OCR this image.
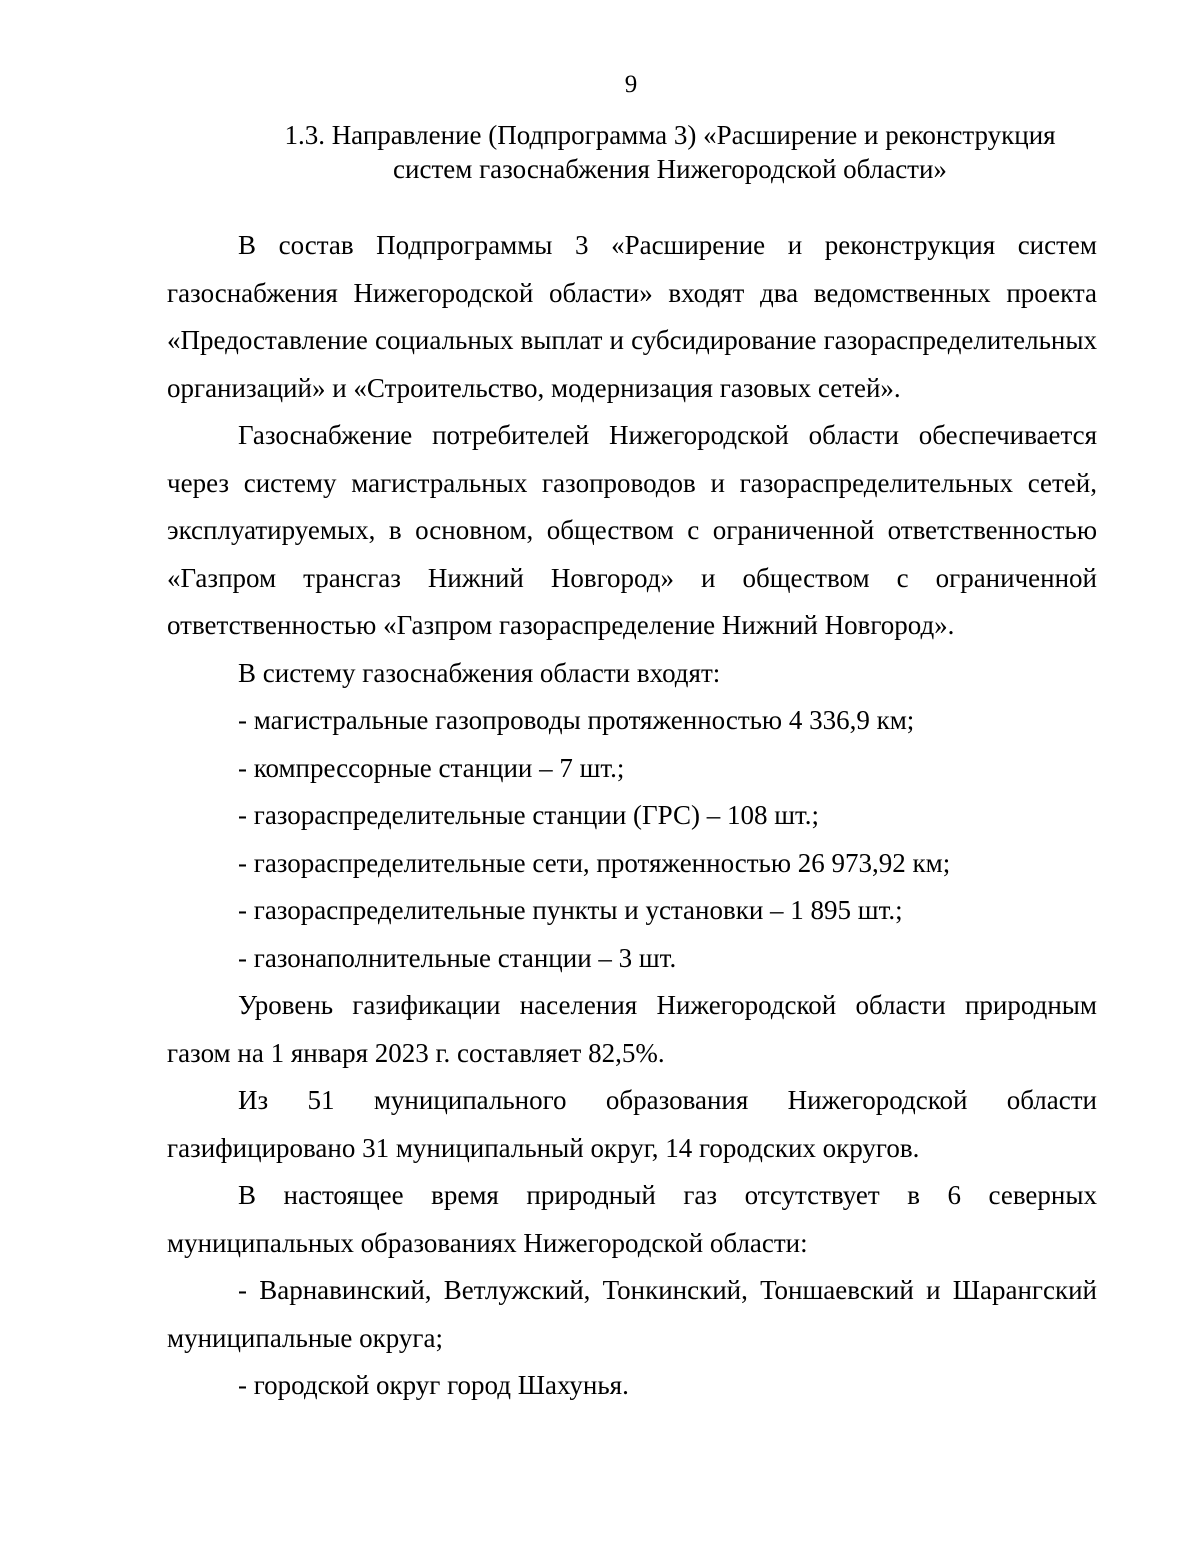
9
1.3. Направление (Подпрограмма 3) «Расширение и реконструкция
систем газоснабжения Нижегородской области»

В состав Подпрограммы 3 «Расширение и реконструкция систем газоснабжения Нижегородской области» входят два ведомственных проекта «Предоставление социальных выплат и субсидирование газораспределительных организаций» и «Строительство, модернизация газовых сетей».

Газоснабжение потребителей Нижегородской области обеспечивается через систему магистральных газопроводов и газораспределительных сетей, эксплуатируемых, в основном, обществом с ограниченной ответственностью «Газпром трансгаз Нижний Новгород» и обществом с ограниченной ответственностью «Газпром газораспределение Нижний Новгород».

В систему газоснабжения области входят:

- магистральные газопроводы протяженностью 4 336,9 км;

- компрессорные станции – 7 шт.;

- газораспределительные станции (ГРС) – 108 шт.;

- газораспределительные сети, протяженностью 26 973,92 км;

- газораспределительные пункты и установки – 1 895 шт.;

- газонаполнительные станции – 3 шт.

Уровень газификации населения Нижегородской области природным газом на 1 января 2023 г. составляет 82,5%.

Из 51 муниципального образования Нижегородской области газифицировано 31 муниципальный округ, 14 городских округов.

В настоящее время природный газ отсутствует в 6 северных муниципальных образованиях Нижегородской области:

- Варнавинский, Ветлужский, Тонкинский, Тоншаевский и Шарангский муниципальные округа;

- городской округ город Шахунья.
